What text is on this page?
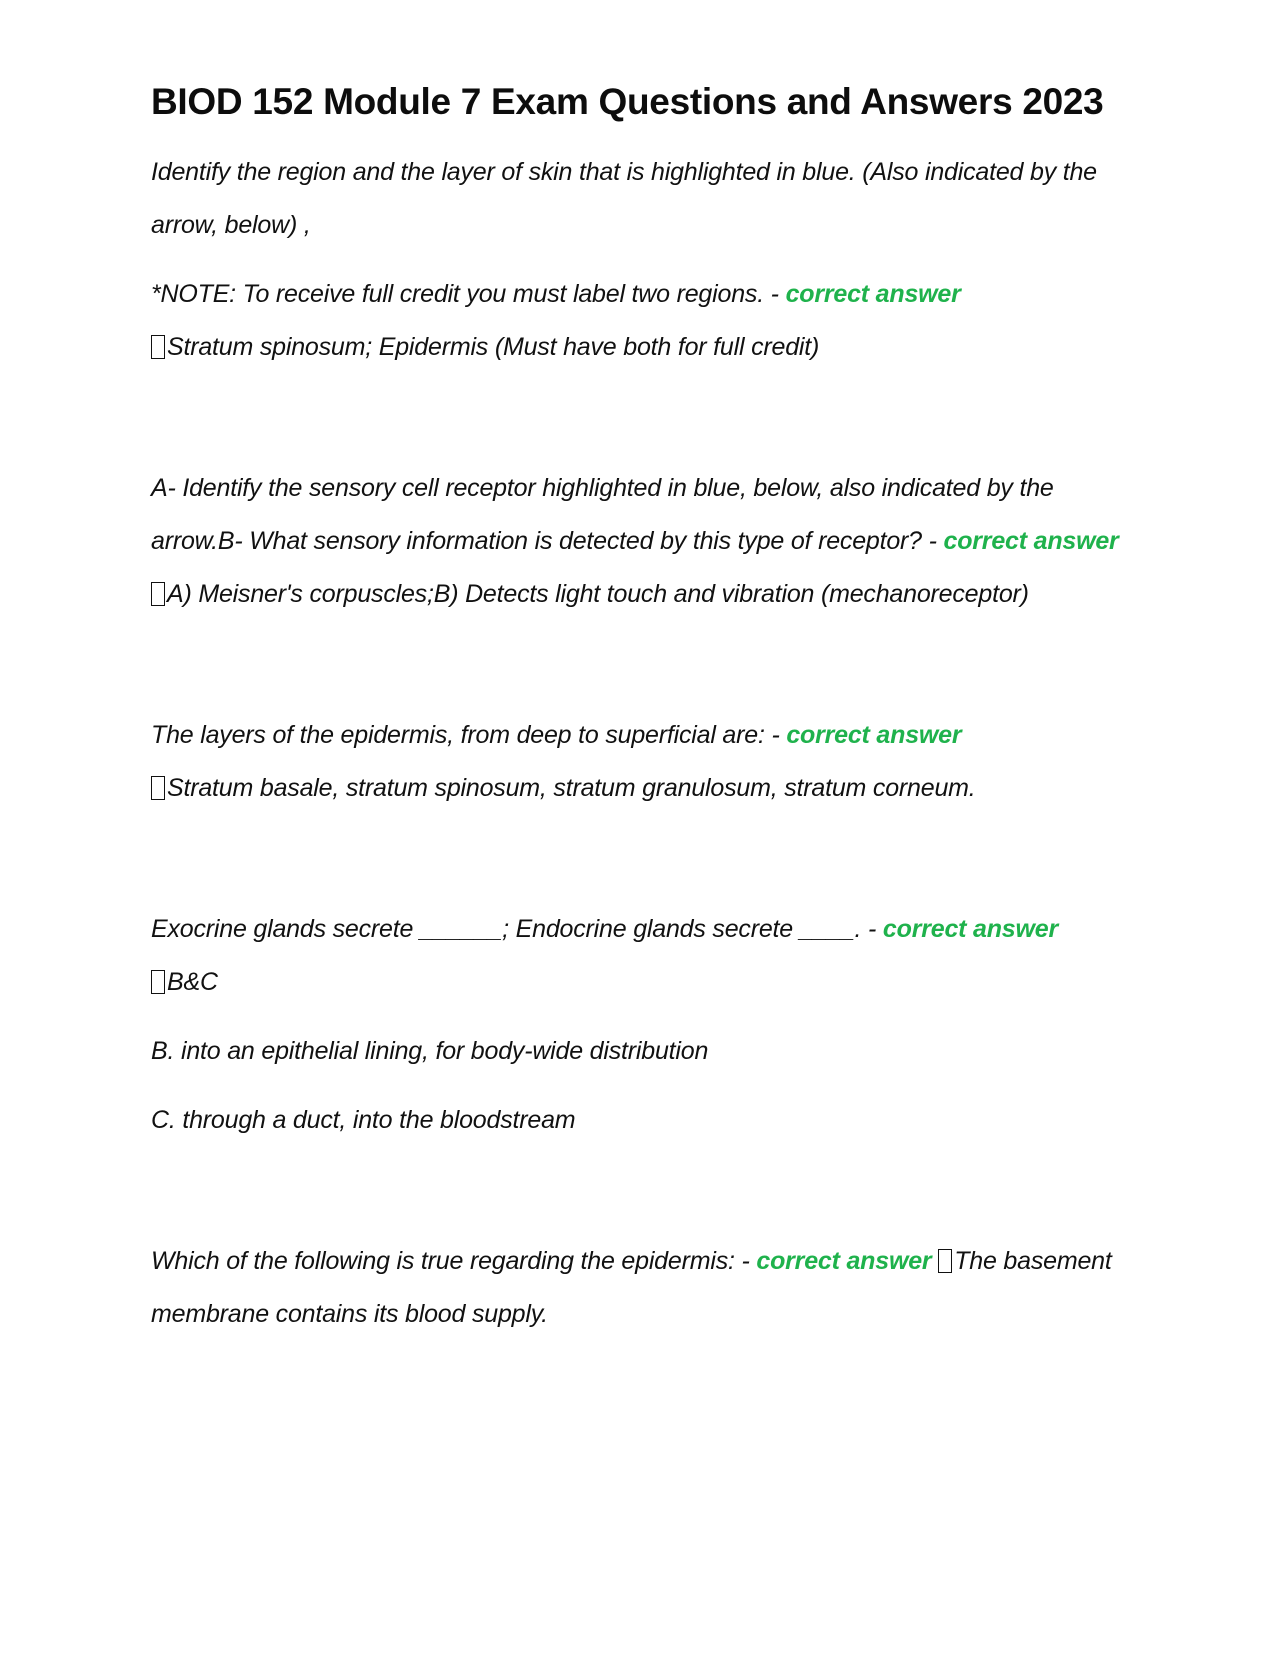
BIOD 152 Module 7 Exam Questions and Answers 2023

Identify the region and the layer of skin that is highlighted in blue. (Also indicated by the arrow, below) ,

*NOTE: To receive full credit you must label two regions. - correct answer
Stratum spinosum; Epidermis (Must have both for full credit)

A- Identify the sensory cell receptor highlighted in blue, below, also indicated by the arrow.B- What sensory information is detected by this type of receptor? - correct answer A) Meisner's corpuscles;B) Detects light touch and vibration (mechanoreceptor)

The layers of the epidermis, from deep to superficial are: - correct answer
Stratum basale, stratum spinosum, stratum granulosum, stratum corneum.

Exocrine glands secrete ______; Endocrine glands secrete ____. - correct answer
B&C

B. into an epithelial lining, for body-wide distribution

C. through a duct, into the bloodstream

Which of the following is true regarding the epidermis: - correct answer The basement membrane contains its blood supply.
